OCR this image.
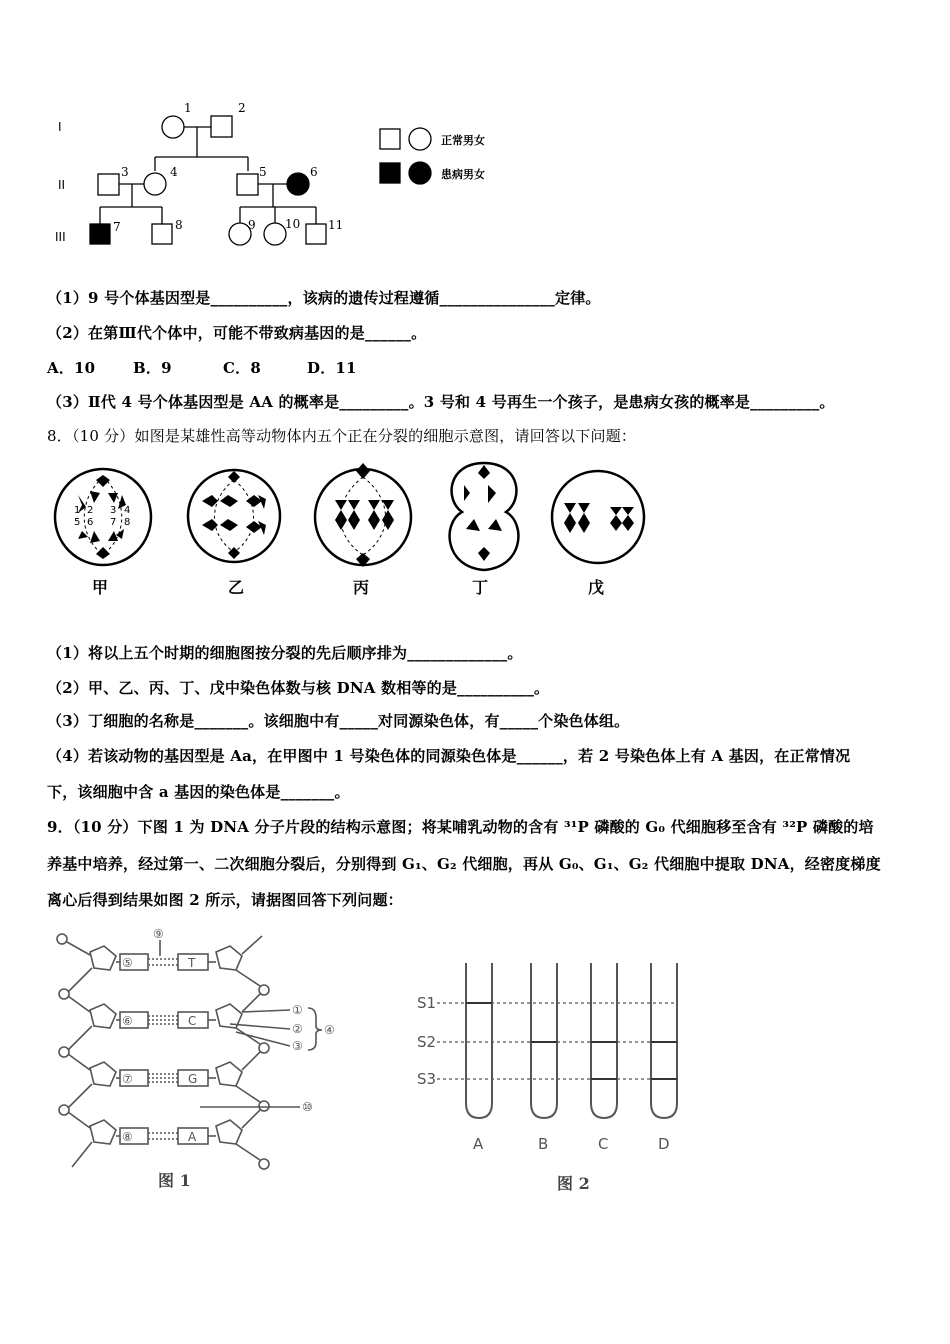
I
II
III
1	2
3	4	5	6
7	8	9 10 11
正常男女
患病男女
（1）9 号个体基因型是__________，该病的遗传过程遵循_______________定律。
（2）在第Ⅲ代个体中，可能不带致病基因的是______。
A．10	B．9	C．8	D．11
（3）Ⅱ代 4 号个体基因型是 AA 的概率是_________。3 号和 4 号再生一个孩子，是患病女孩的概率是_________。
8．（10 分）如图是某雄性高等动物体内五个正在分裂的细胞示意图，请回答以下问题：
1 2 3 4
5 6 7 8
甲	乙	丙	丁	戊
（1）将以上五个时期的细胞图按分裂的先后顺序排为_____________。
（2）甲、乙、丙、丁、戊中染色体数与核 DNA 数相等的是__________。
（3）丁细胞的名称是_______。该细胞中有_____对同源染色体，有_____个染色体组。
（4）若该动物的基因型是 Aa，在甲图中 1 号染色体的同源染色体是______，若 2 号染色体上有 A 基因，在正常情况
下，该细胞中含 a 基因的染色体是_______。
9．（10 分）下图 1 为 DNA 分子片段的结构示意图；将某哺乳动物的含有 ³¹P 磷酸的 G₀ 代细胞移至含有 ³²P 磷酸的培
养基中培养，经过第一、二次细胞分裂后，分别得到 G₁、G₂ 代细胞，再从 G₀、G₁、G₂ 代细胞中提取 DNA，经密度梯度
离心后得到结果如图 2 所示，请据图回答下列问题：
⑤
⑥
⑦
⑧
⑨
①
②
③
④
⑩
T
C
G
A
图 1
S1
S2
S3
A	B	C	D
图 2
